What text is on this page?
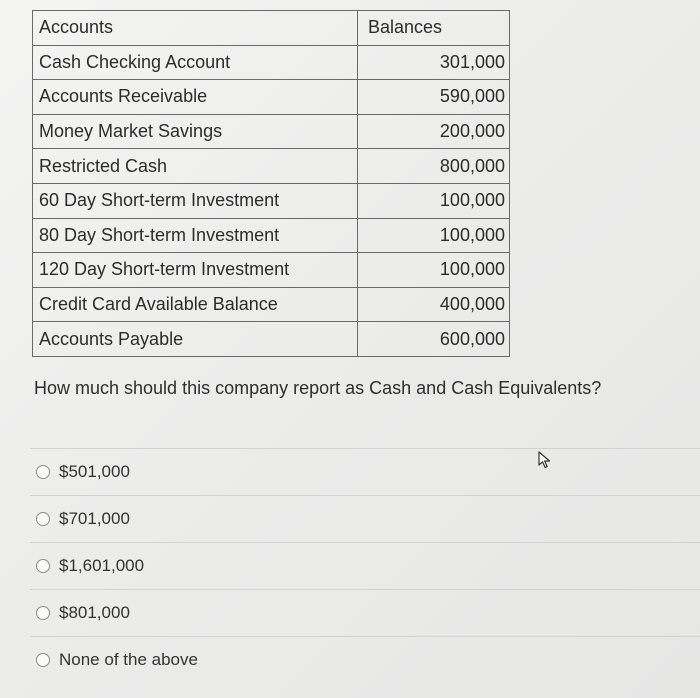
Accounts	Balances
Cash Checking Account	301,000
Accounts Receivable	590,000
Money Market Savings	200,000
Restricted Cash	800,000
60 Day Short-term Investment	100,000
80 Day Short-term Investment	100,000
120 Day Short-term Investment	100,000
Credit Card Available Balance	400,000
Accounts Payable	600,000
How much should this company report as Cash and Cash Equivalents?
$501,000
$701,000
$1,601,000
$801,000
None of the above
